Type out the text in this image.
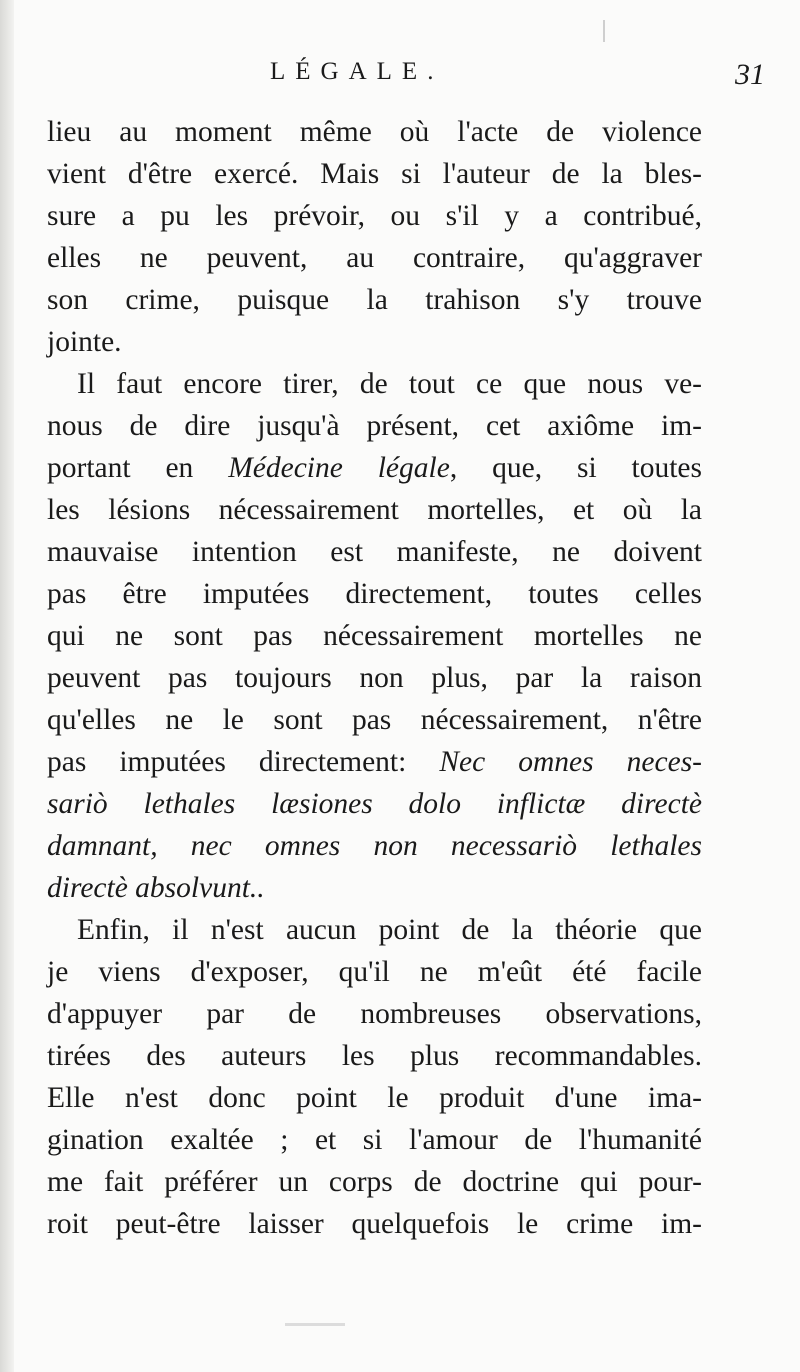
LÉGALE.	31
lieu au moment même où l'acte de violence
vient d'être exercé. Mais si l'auteur de la bles-
sure a pu les prévoir, ou s'il y a contribué,
elles ne peuvent, au contraire, qu'aggraver
son crime, puisque la trahison s'y trouve
jointe.
Il faut encore tirer, de tout ce que nous ve-
nous de dire jusqu'à présent, cet axiôme im-
portant en Médecine légale, que, si toutes
les lésions nécessairement mortelles, et où la
mauvaise intention est manifeste, ne doivent
pas être imputées directement, toutes celles
qui ne sont pas nécessairement mortelles ne
peuvent pas toujours non plus, par la raison
qu'elles ne le sont pas nécessairement, n'être
pas imputées directement: Nec omnes neces-
sariò lethales læsiones dolo inflictæ directè
damnant, nec omnes non necessariò lethales
directè absolvunt..
Enfin, il n'est aucun point de la théorie que
je viens d'exposer, qu'il ne m'eût été facile
d'appuyer par de nombreuses observations,
tirées des auteurs les plus recommandables.
Elle n'est donc point le produit d'une ima-
gination exaltée ; et si l'amour de l'humanité
me fait préférer un corps de doctrine qui pour-
roit peut-être laisser quelquefois le crime im-
